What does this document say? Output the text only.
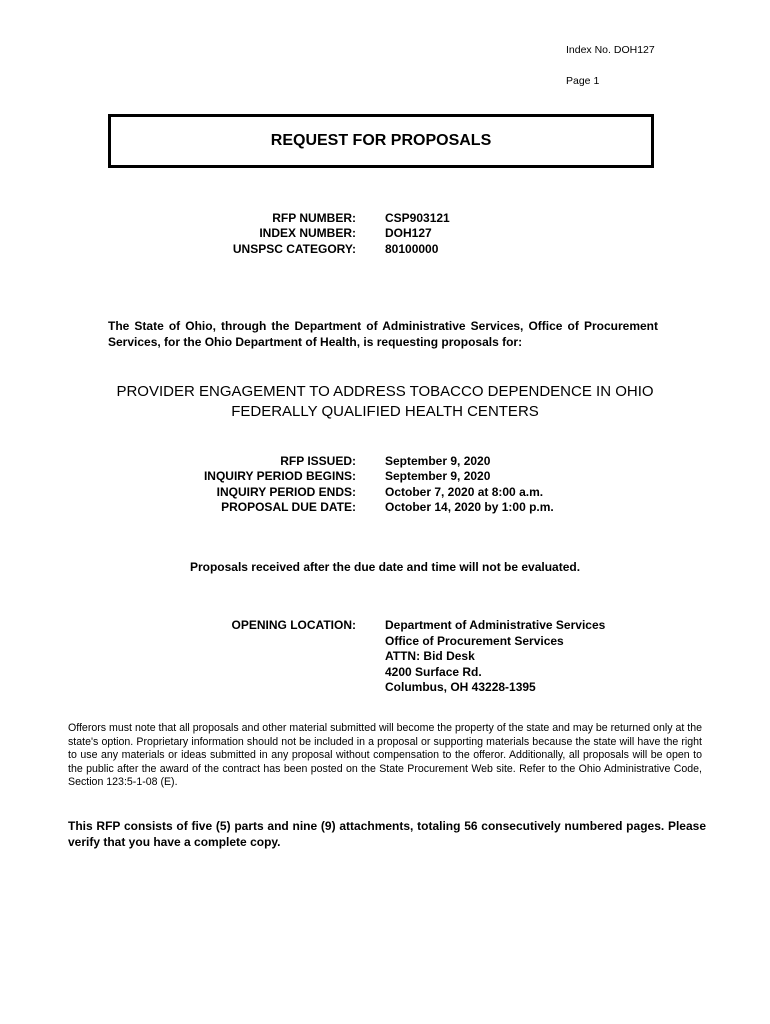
Index No. DOH127
Page 1
REQUEST FOR PROPOSALS
RFP NUMBER: CSP903121
INDEX NUMBER: DOH127
UNSPSC CATEGORY: 80100000
The State of Ohio, through the Department of Administrative Services, Office of Procurement Services, for the Ohio Department of Health, is requesting proposals for:
PROVIDER ENGAGEMENT TO ADDRESS TOBACCO DEPENDENCE IN OHIO
FEDERALLY QUALIFIED HEALTH CENTERS
RFP ISSUED: September 9, 2020
INQUIRY PERIOD BEGINS: September 9, 2020
INQUIRY PERIOD ENDS: October 7, 2020 at 8:00 a.m.
PROPOSAL DUE DATE: October 14, 2020 by 1:00 p.m.
Proposals received after the due date and time will not be evaluated.
OPENING LOCATION: Department of Administrative Services
Office of Procurement Services
ATTN: Bid Desk
4200 Surface Rd.
Columbus, OH 43228-1395
Offerors must note that all proposals and other material submitted will become the property of the state and may be returned only at the state's option. Proprietary information should not be included in a proposal or supporting materials because the state will have the right to use any materials or ideas submitted in any proposal without compensation to the offeror. Additionally, all proposals will be open to the public after the award of the contract has been posted on the State Procurement Web site. Refer to the Ohio Administrative Code, Section 123:5-1-08 (E).
This RFP consists of five (5) parts and nine (9) attachments, totaling 56 consecutively numbered pages. Please verify that you have a complete copy.
